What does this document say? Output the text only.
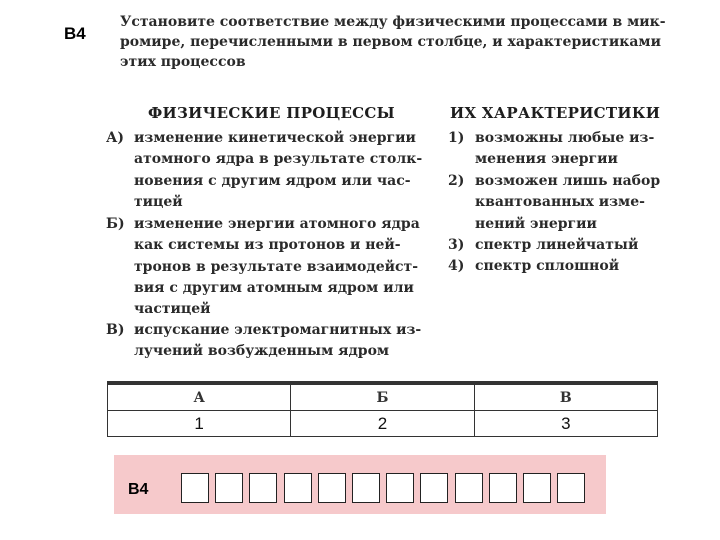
B4
Установите соответствие между физическими процессами в мик-
ромире, перечисленными в первом столбце, и характеристиками
этих процессов
ФИЗИЧЕСКИЕ ПРОЦЕССЫ	ИХ ХАРАКТЕРИСТИКИ
А) изменение кинетической энергии
атомного ядра в результате столк-
новения с другим ядром или час-
тицей
Б) изменение энергии атомного ядра
как системы из протонов и ней-
тронов в результате взаимодейст-
вия с другим атомным ядром или
частицей
В) испускание электромагнитных из-
лучений возбужденным ядром
1) возможны любые из-
менения энергии
2) возможен лишь набор
квантованных изме-
нений энергии
3) спектр линейчатый
4) спектр сплошной
А	Б	В
1	2	3
В4
